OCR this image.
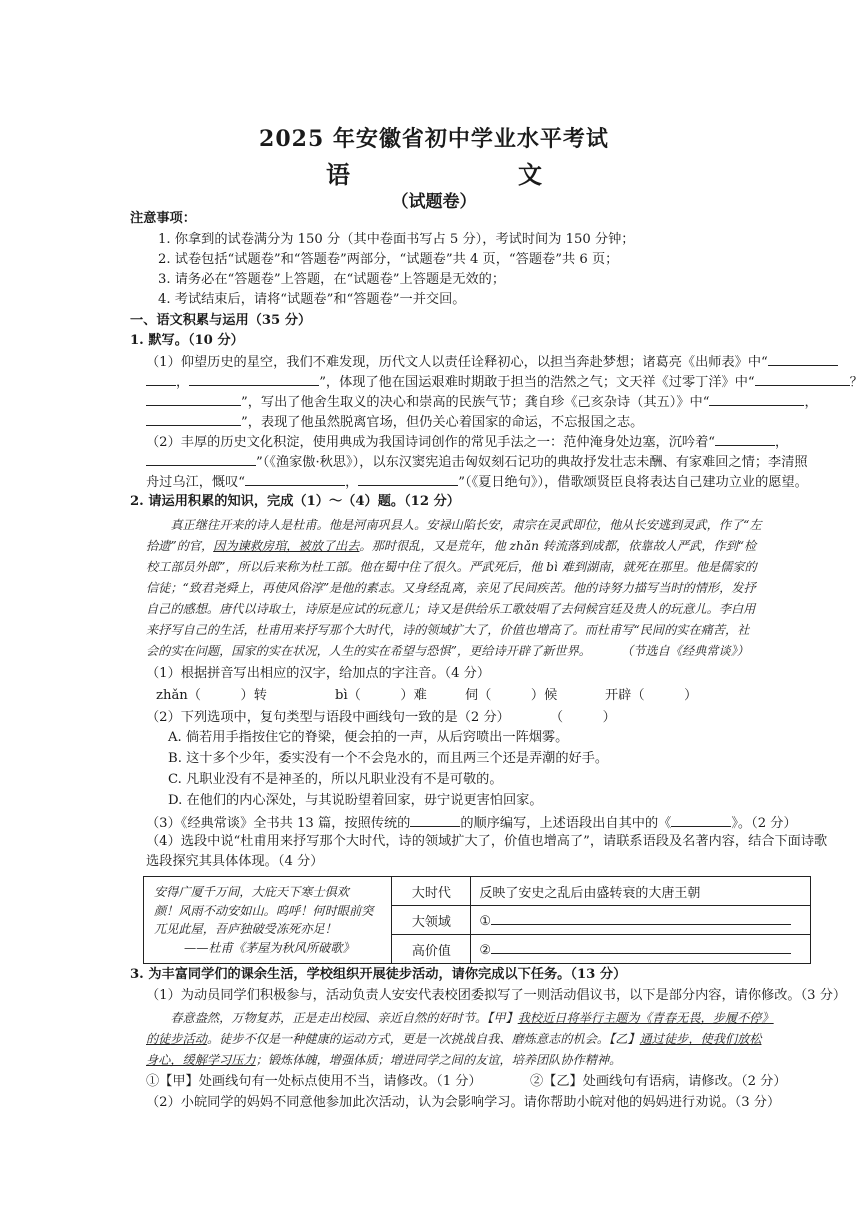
2025 年安徽省初中学业水平考试
语　　文
（试题卷）
注意事项：
1. 你拿到的试卷满分为 150 分（其中卷面书写占 5 分），考试时间为 150 分钟；
2. 试卷包括“试题卷”和“答题卷”两部分，“试题卷”共 4 页，“答题卷”共 6 页；
3. 请务必在“答题卷”上答题，在“试题卷”上答题是无效的；
4. 考试结束后，请将“试题卷”和“答题卷”一并交回。
一、语文积累与运用（35 分）
1. 默写。（10 分）
（1）仰望历史的星空，我们不难发现，历代文人以责任诠释初心，以担当奔赴梦想；诸葛亮《出师表》中“
，	”，体现了他在国运艰难时期敢于担当的浩然之气；文天祥《过零丁洋》中“	？
”，写出了他舍生取义的决心和崇高的民族气节；龚自珍《己亥杂诗（其五）》中“	，
”，表现了他虽然脱离官场，但仍关心着国家的命运，不忘报国之志。
（2）丰厚的历史文化积淀，使用典成为我国诗词创作的常见手法之一：范仲淹身处边塞，沉吟着“	，
”（《渔家傲·秋思》），以东汉窦宪追击匈奴刻石记功的典故抒发壮志未酬、有家难回之情；李清照
舟过乌江，慨叹“	，	”（《夏日绝句》），借歌颂贤臣良将表达自己建功立业的愿望。
2. 请运用积累的知识，完成（1）～（4）题。（12 分）
　　真正继往开来的诗人是杜甫。他是河南巩县人。安禄山陷长安，肃宗在灵武即位，他从长安逃到灵武，作了“左
拾遗”的官，因为谏救房琯，被放了出去。那时很乱，又是荒年，他 zhǎn 转流落到成都，依靠故人严武，作到“检
校工部员外郎”，所以后来称为杜工部。他在蜀中住了很久。严武死后，他 bì 难到湖南，就死在那里。他是儒家的
信徒；“致君尧舜上，再使风俗淳”是他的素志。又身经乱离，亲见了民间疾苦。他的诗努力描写当时的情形，发抒
自己的感想。唐代以诗取士，诗原是应试的玩意儿；诗又是供给乐工歌妓唱了去伺候宫廷及贵人的玩意儿。李白用
来抒写自己的生活，杜甫用来抒写那个大时代，诗的领域扩大了，价值也增高了。而杜甫写“民间的实在痛苦，社
会的实在问题，国家的实在状况，人生的实在希望与恐惧”，更给诗开辟了新世界。 （节选自《经典常谈》）
（1）根据拼音写出相应的汉字，给加点的字注音。（4 分）
zhǎn（　　　）转	bì（　　　）难	伺（　　　）候	开辟（　　　）
（2）下列选项中，复句类型与语段中画线句一致的是（2 分）	（　　　）
A. 倘若用手指按住它的脊梁，便会拍的一声，从后窍喷出一阵烟雾。
B. 这十多个少年，委实没有一个不会凫水的，而且两三个还是弄潮的好手。
C. 凡职业没有不是神圣的，所以凡职业没有不是可敬的。
D. 在他们的内心深处，与其说盼望着回家，毋宁说更害怕回家。
（3）《经典常谈》全书共 13 篇，按照传统的	的顺序编写，上述语段出自其中的《	》。（2 分）
（4）选段中说“杜甫用来抒写那个大时代，诗的领域扩大了，价值也增高了”，请联系语段及名著内容，结合下面诗歌
选段探究其具体体现。（4 分）
安得广厦千万间，大庇天下寒士俱欢
颜！风雨不动安如山。呜呼！何时眼前突
兀见此屋，吾庐独破受冻死亦足！
——杜甫《茅屋为秋风所破歌》	大时代	反映了安史之乱后由盛转衰的大唐王朝
	大领域	①
	高价值	②
3. 为丰富同学们的课余生活，学校组织开展徒步活动，请你完成以下任务。（13 分）
（1）为动员同学们积极参与，活动负责人安安代表校团委拟写了一则活动倡议书，以下是部分内容，请你修改。（3 分）
　　春意盎然，万物复苏，正是走出校园、亲近自然的好时节。【甲】我校近日将举行主题为《青春无畏，步履不停》
的徒步活动。徒步不仅是一种健康的运动方式，更是一次挑战自我、磨炼意志的机会。【乙】通过徒步，使我们放松
身心，缓解学习压力；锻炼体魄，增强体质；增进同学之间的友谊，培养团队协作精神。
①【甲】处画线句有一处标点使用不当，请修改。（1 分）	②【乙】处画线句有语病，请修改。（2 分）
（2）小皖同学的妈妈不同意他参加此次活动，认为会影响学习。请你帮助小皖对他的妈妈进行劝说。（3 分）
